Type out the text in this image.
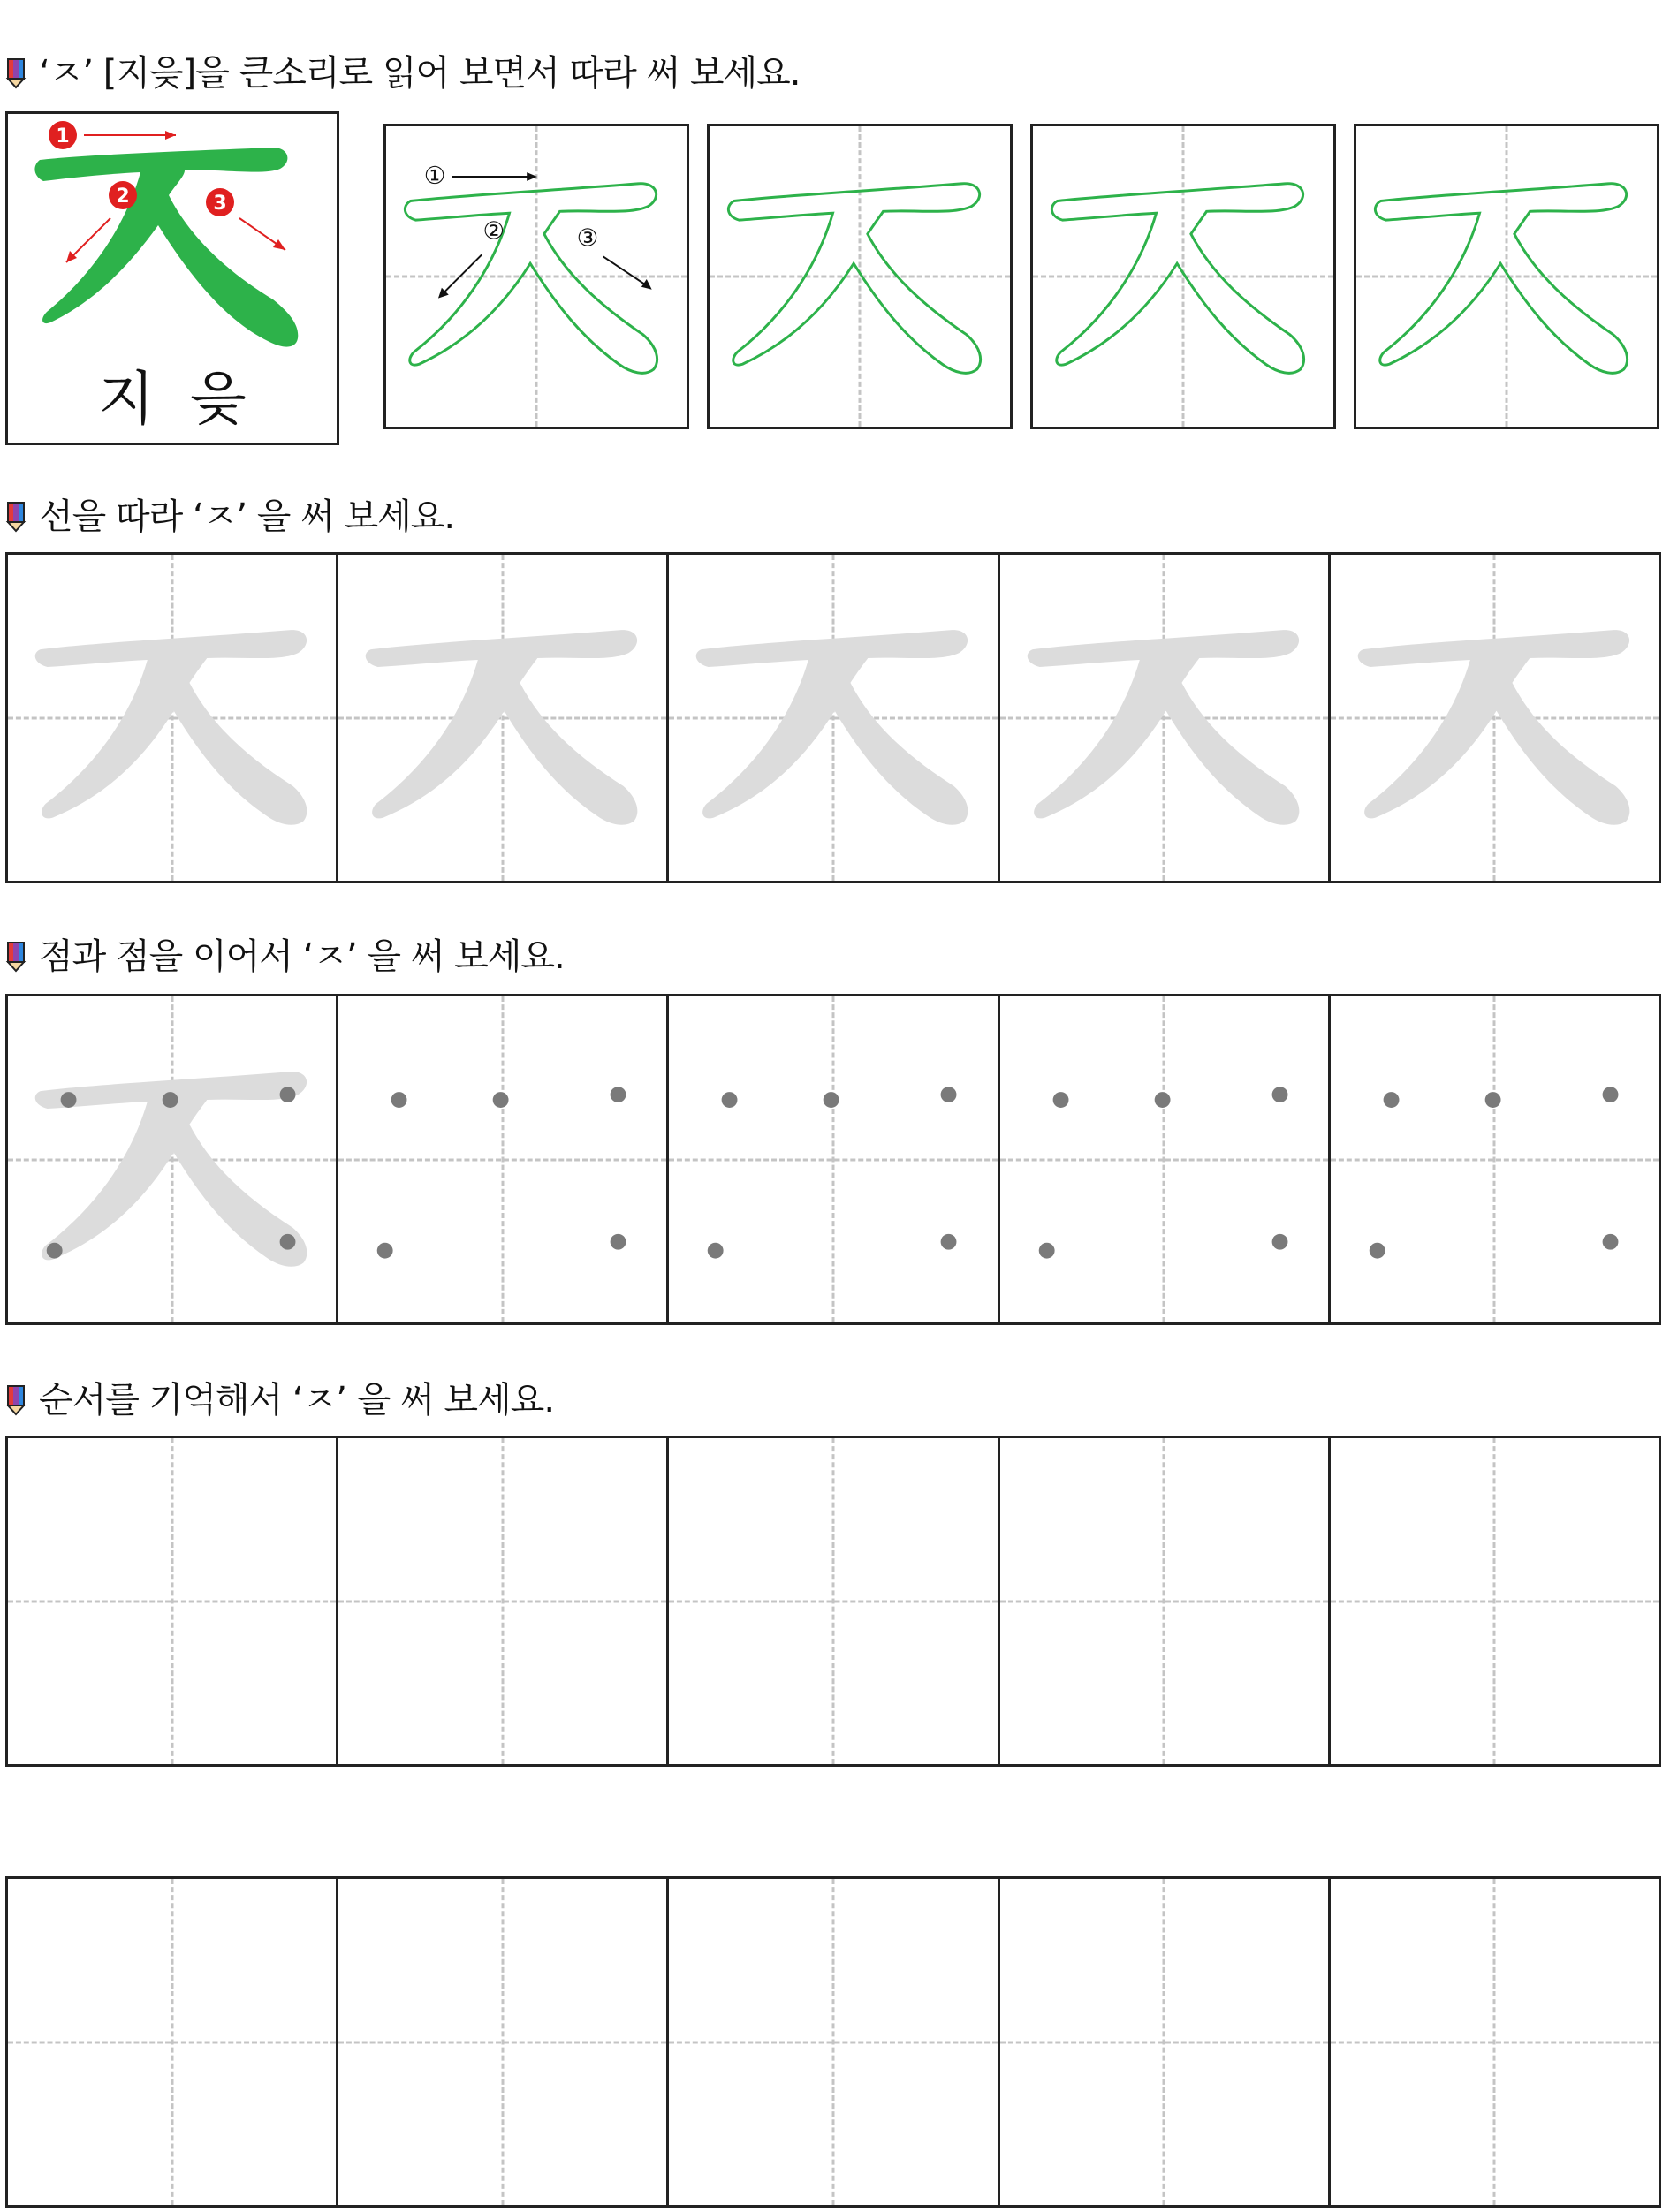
‘ㅈ’ [지읒]을 큰소리로 읽어 보면서 따라 써 보세요.
1
2	3
지읒
①
②	③
선을 따라 ‘ㅈ’ 을 써 보세요.
점과 점을 이어서 ‘ㅈ’ 을 써 보세요.
순서를 기억해서 ‘ㅈ’ 을 써 보세요.
